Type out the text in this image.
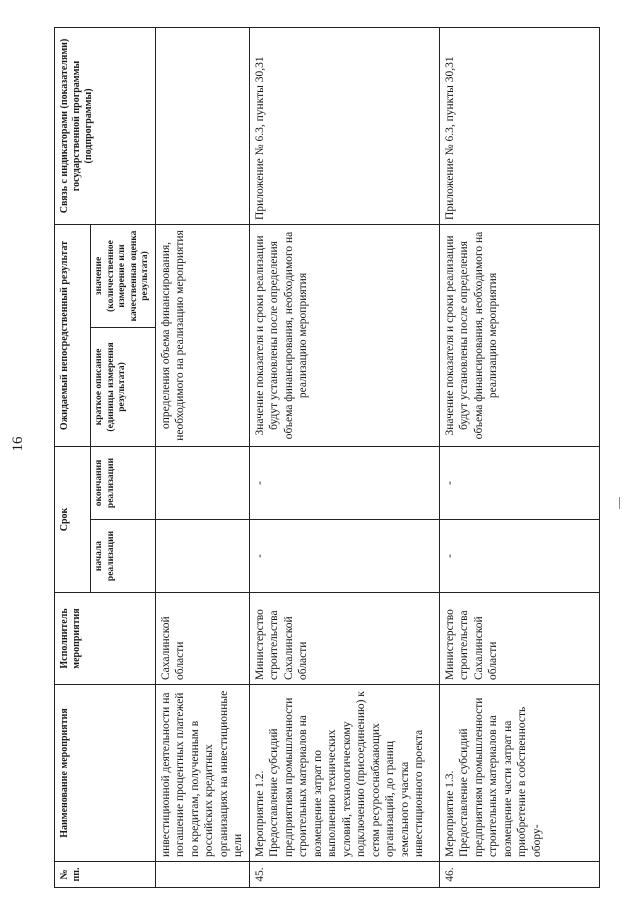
16
№ пп.	Наименование мероприятия	Исполнитель мероприятия	Срок		Ожидаемый непосредственный результат		Связь с индикаторами (показателями) государственной программы (подпрограммы)
			начала реализации	окончания реализации	краткое описание (единицы измерения результата)	значение (количественное измерение или качественная оценка результата)	
	инвестиционной деятельности на погашение процентных платежей по кредитам, полученным в российских кредитных организациях на инвестиционные цели	Сахалинской области			определения объема финансирования, необходимого на реализацию мероприятия		
45.	Мероприятие 1.2. Предоставление субсидий предприятиям промышленности строительных материалов на возмещение затрат по выполнению технических условий, технологическому подключению (присоединению) к сетям ресурсоснабжающих организаций, до границ земельного участка инвестиционного проекта	Министерство строительства Сахалинской области	-	-	Значение показателя и сроки реализации будут установлены после определения объема финансирования, необходимого на реализацию мероприятия		Приложение № 6.3, пункты 30,31
46.	Мероприятие 1.3. Предоставление субсидий предприятиям промышленности строительных материалов на возмещение части затрат на приобретение в собственность обору-	Министерство строительства Сахалинской области	-	-	Значение показателя и сроки реализации будут установлены после определения объема финансирования, необходимого на реализацию мероприятия		Приложение № 6.3, пункты 30,31
